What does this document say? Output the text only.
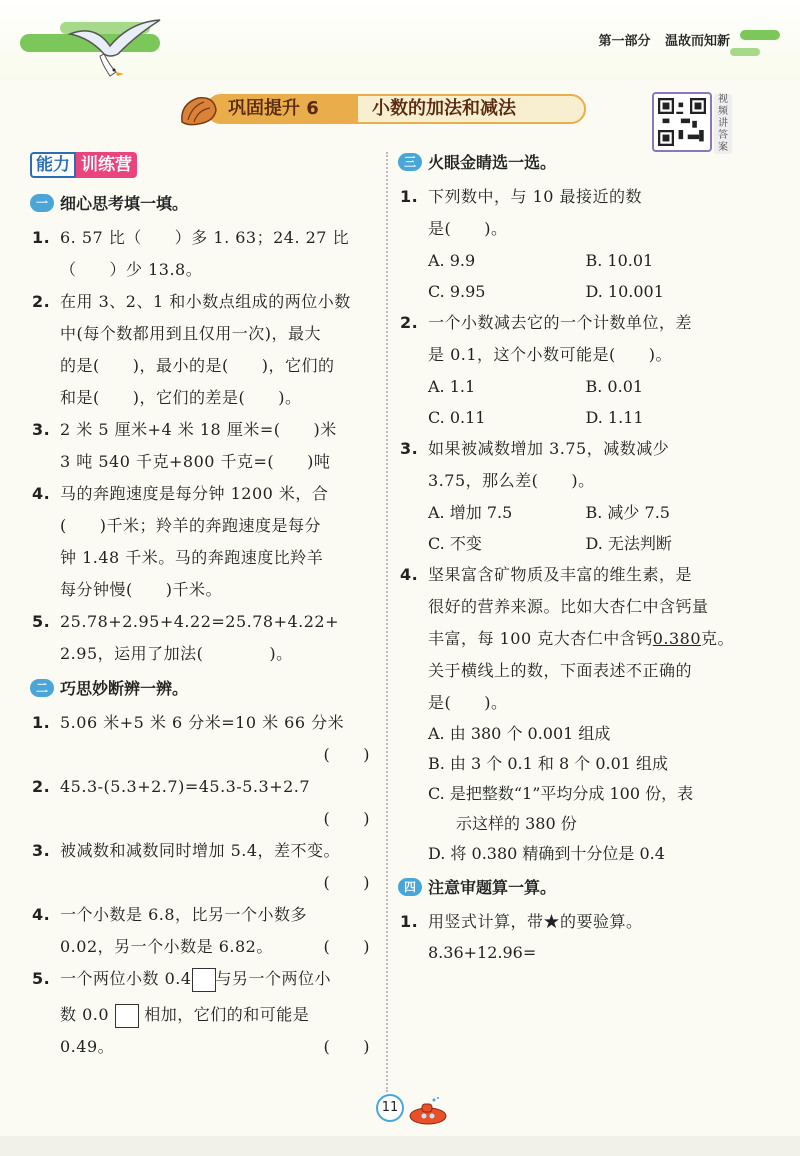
第一部分 温故而知新
巩固提升 6	小数的加法和减法	视频讲答案
能力 训练营
一 细心思考填一填。
1. 6. 57 比（　　）多 1. 63；24. 27 比
（　　）少 13.8。
2. 在用 3、2、1 和小数点组成的两位小数
中(每个数都用到且仅用一次)，最大
的是(　　)，最小的是(　　)，它们的
和是(　　)，它们的差是(　　)。
3. 2 米 5 厘米+4 米 18 厘米=(　　)米
3 吨 540 千克+800 千克=(　　)吨
4. 马的奔跑速度是每分钟 1200 米，合
(　　)千米；羚羊的奔跑速度是每分
钟 1.48 千米。马的奔跑速度比羚羊
每分钟慢(　　)千米。
5. 25.78+2.95+4.22=25.78+4.22+
2.95，运用了加法(　　　　)。
二 巧思妙断辨一辨。
1. 5.06 米+5 米 6 分米=10 米 66 分米
(　　)
2. 45.3-(5.3+2.7)=45.3-5.3+2.7
(　　)
3. 被减数和减数同时增加 5.4，差不变。
(　　)
4. 一个小数是 6.8，比另一个小数多
0.02，另一个小数是 6.82。	(　　)
5. 一个两位小数 0.4 与另一个两位小
数 0.0 相加，它们的和可能是
0.49。	(　　)
三 火眼金睛选一选。
1. 下列数中，与 10 最接近的数
是(　　)。
A. 9.9	B. 10.01
C. 9.95	D. 10.001
2. 一个小数减去它的一个计数单位，差
是 0.1，这个小数可能是(　　)。
A. 1.1	B. 0.01
C. 0.11	D. 1.11
3. 如果被减数增加 3.75，减数减少
3.75，那么差(　　)。
A. 增加 7.5	B. 减少 7.5
C. 不变	D. 无法判断
4. 坚果富含矿物质及丰富的维生素，是
很好的营养来源。比如大杏仁中含钙量
丰富，每 100 克大杏仁中含钙0.380克。
关于横线上的数，下面表述不正确的
是(　　)。
A. 由 380 个 0.001 组成
B. 由 3 个 0.1 和 8 个 0.01 组成
C. 是把整数“1”平均分成 100 份，表
示这样的 380 份
D. 将 0.380 精确到十分位是 0.4
四 注意审题算一算。
1. 用竖式计算，带★的要验算。
8.36+12.96=
11
